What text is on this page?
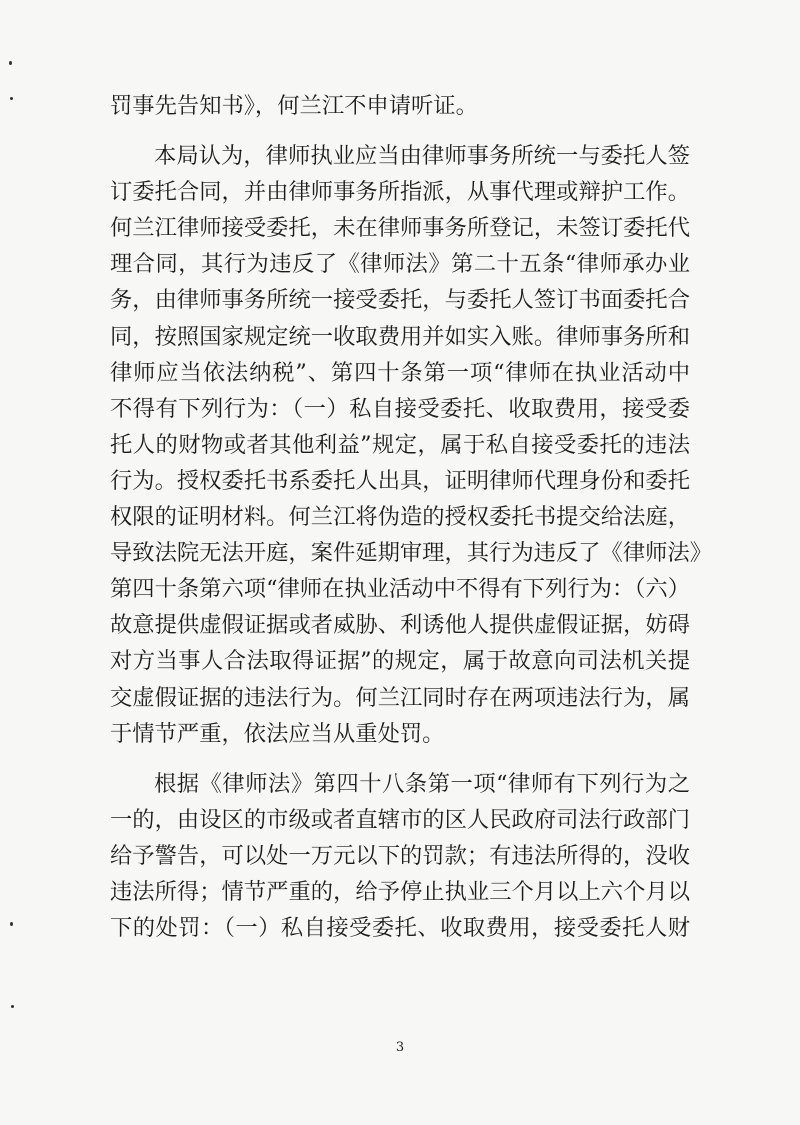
罚事先告知书》，何兰江不申请听证。
本局认为，律师执业应当由律师事务所统一与委托人签
订委托合同，并由律师事务所指派，从事代理或辩护工作。
何兰江律师接受委托，未在律师事务所登记，未签订委托代
理合同，其行为违反了《律师法》第二十五条“律师承办业
务，由律师事务所统一接受委托，与委托人签订书面委托合
同，按照国家规定统一收取费用并如实入账。律师事务所和
律师应当依法纳税”、第四十条第一项“律师在执业活动中
不得有下列行为：（一）私自接受委托、收取费用，接受委
托人的财物或者其他利益”规定，属于私自接受委托的违法
行为。授权委托书系委托人出具，证明律师代理身份和委托
权限的证明材料。何兰江将伪造的授权委托书提交给法庭，
导致法院无法开庭，案件延期审理，其行为违反了《律师法》
第四十条第六项“律师在执业活动中不得有下列行为：（六）
故意提供虚假证据或者威胁、利诱他人提供虚假证据，妨碍
对方当事人合法取得证据”的规定，属于故意向司法机关提
交虚假证据的违法行为。何兰江同时存在两项违法行为，属
于情节严重，依法应当从重处罚。
根据《律师法》第四十八条第一项“律师有下列行为之
一的，由设区的市级或者直辖市的区人民政府司法行政部门
给予警告，可以处一万元以下的罚款；有违法所得的，没收
违法所得；情节严重的，给予停止执业三个月以上六个月以
下的处罚：（一）私自接受委托、收取费用，接受委托人财
3
